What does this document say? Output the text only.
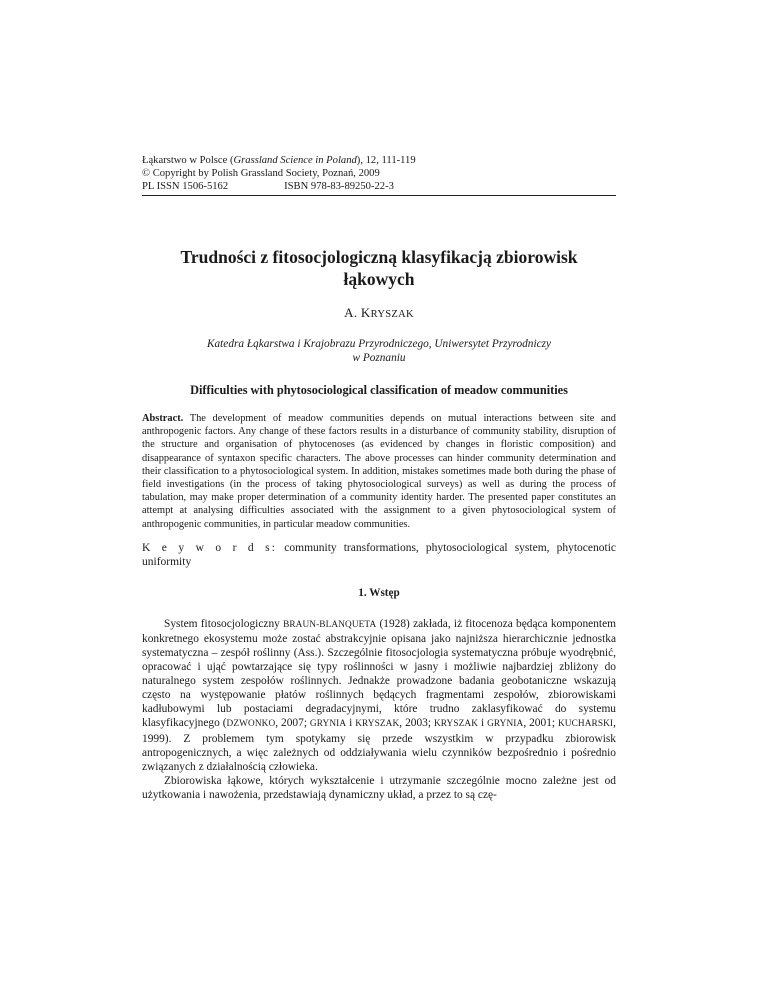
Łąkarstwo w Polsce (Grassland Science in Poland), 12, 111-119
© Copyright by Polish Grassland Society, Poznań, 2009
PL ISSN 1506-5162	ISBN 978-83-89250-22-3
Trudności z fitosocjologiczną klasyfikacją zbiorowisk łąkowych
A. KRYSZAK
Katedra Łąkarstwa i Krajobrazu Przyrodniczego, Uniwersytet Przyrodniczy
w Poznaniu
Difficulties with phytosociological classification of meadow communities
Abstract. The development of meadow communities depends on mutual interactions between site and anthropogenic factors. Any change of these factors results in a disturbance of community stability, disruption of the structure and organisation of phytocenoses (as evidenced by changes in floristic composition) and disappearance of syntaxon specific characters. The above processes can hinder community determination and their classification to a phytosociological system. In addition, mistakes sometimes made both during the phase of field investigations (in the process of taking phytosociological surveys) as well as during the process of tabulation, may make proper determination of a community identity harder. The presented paper constitutes an attempt at analysing difficulties associated with the assignment to a given phytosociological system of anthropogenic communities, in particular meadow communities.
K e y w o r d s: community transformations, phytosociological system, phytocenotic uniformity
1. Wstęp

System fitosocjologiczny BRAUN-BLANQUETA (1928) zakłada, iż fitocenoza będąca komponentem konkretnego ekosystemu może zostać abstrakcyjnie opisana jako najniższa hierarchicznie jednostka systematyczna – zespół roślinny (Ass.). Szczególnie fitosocjologia systematyczna próbuje wyodrębnić, opracować i ująć powtarzające się typy roślinności w jasny i możliwie najbardziej zbliżony do naturalnego system zespołów roślinnych. Jednakże prowadzone badania geobotaniczne wskazują często na występowanie płatów roślinnych będących fragmentami zespołów, zbiorowiskami kadłubowymi lub postaciami degradacyjnymi, które trudno zaklasyfikować do systemu klasyfikacyjnego (DZWONKO, 2007; GRYNIA i KRYSZAK, 2003; KRYSZAK i GRYNIA, 2001; KUCHARSKI, 1999). Z problemem tym spotykamy się przede wszystkim w przypadku zbiorowisk antropogenicznych, a więc zależnych od oddziaływania wielu czynników bezpośrednio i pośrednio związanych z działalnością człowieka.

Zbiorowiska łąkowe, których wykształcenie i utrzymanie szczególnie mocno zależne jest od użytkowania i nawożenia, przedstawiają dynamiczny układ, a przez to są czę-
